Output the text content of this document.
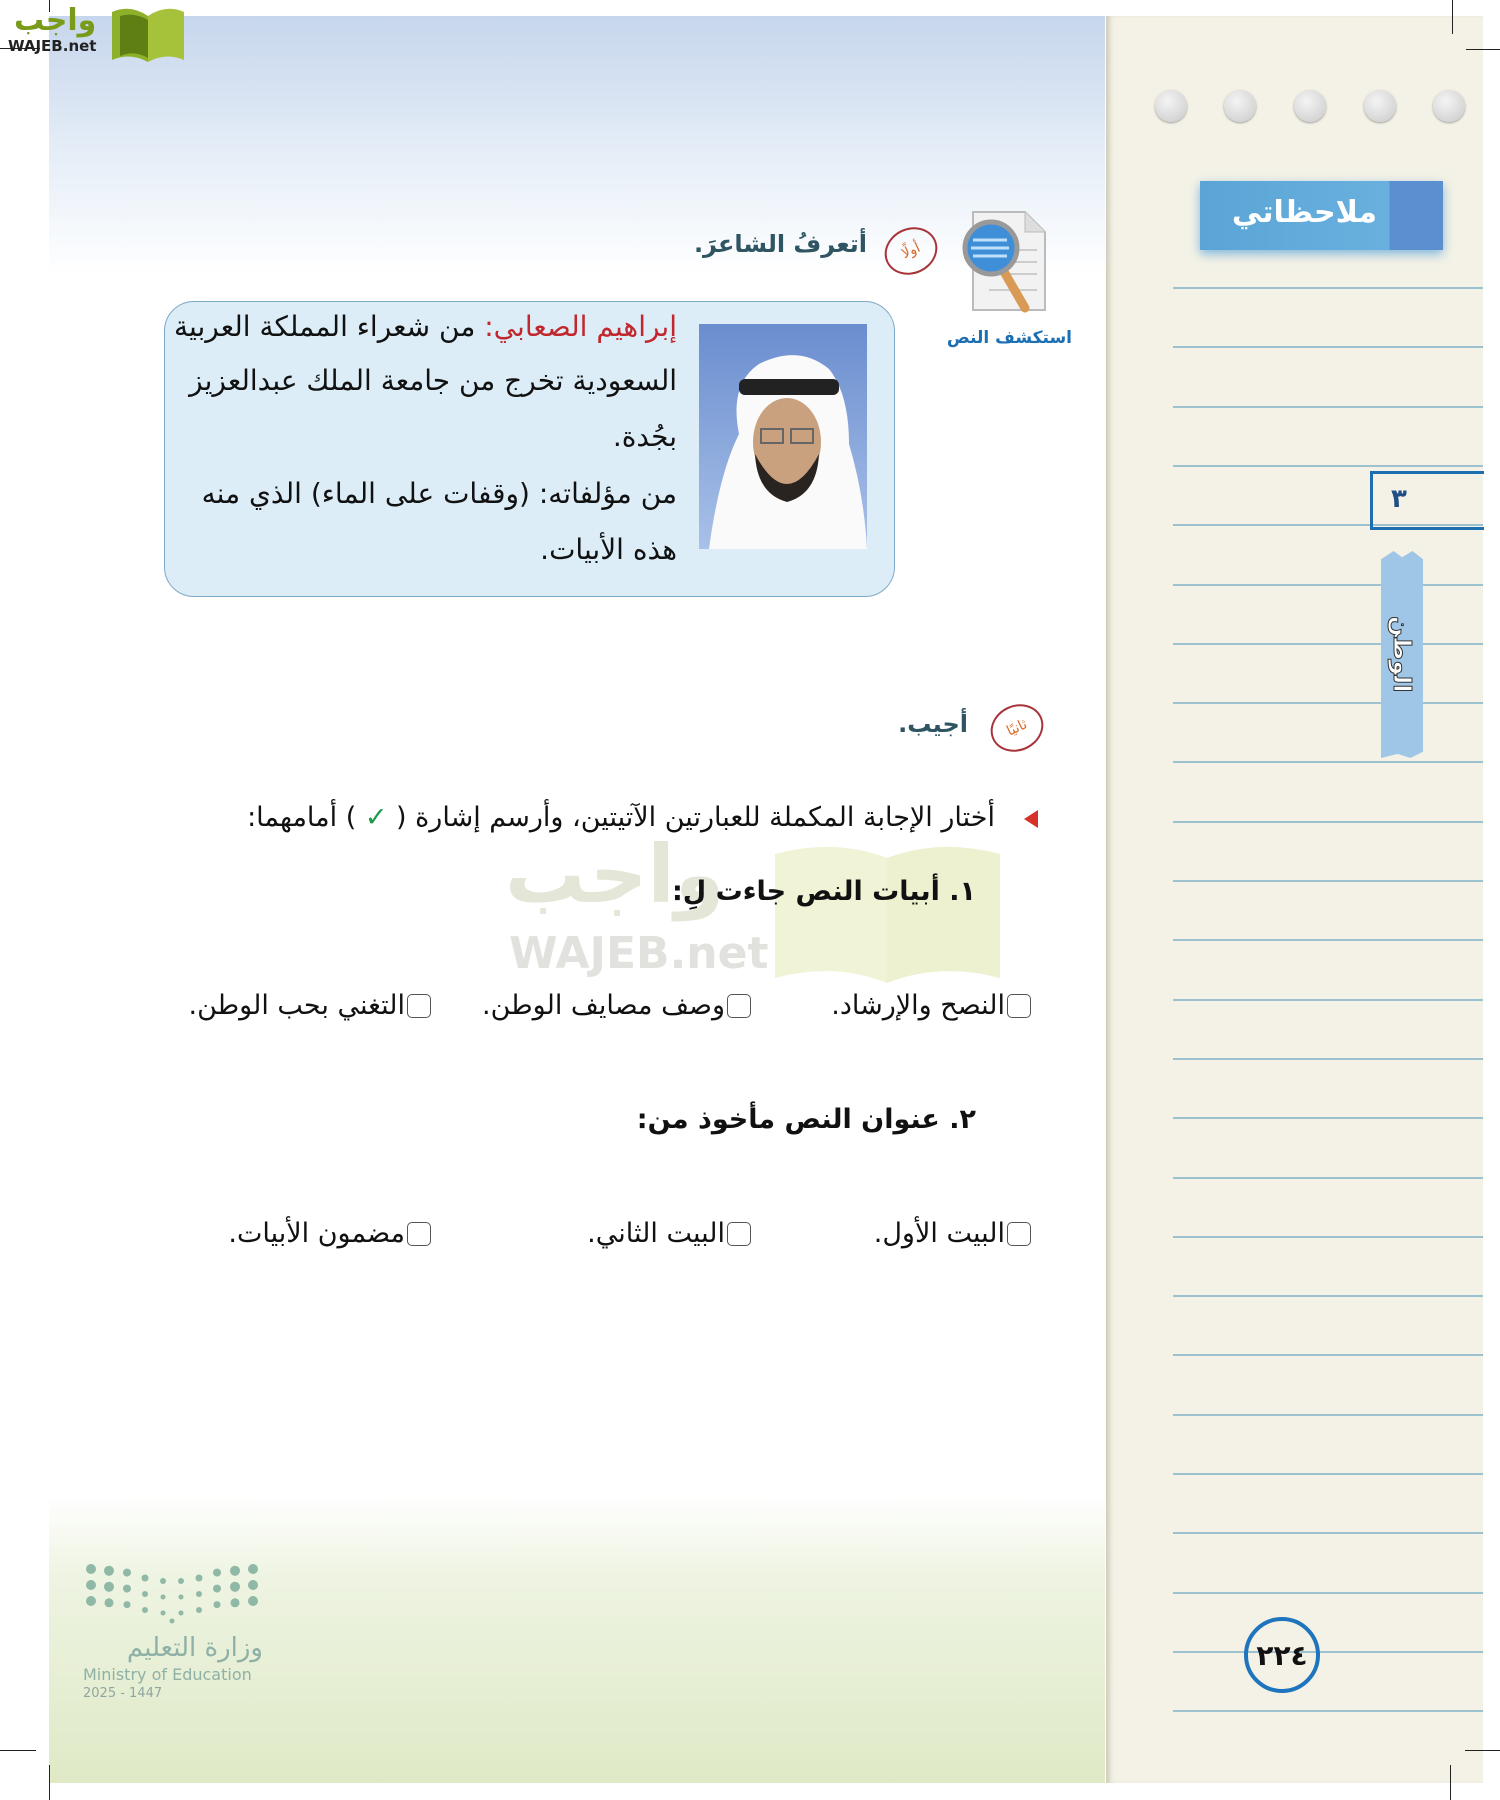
واجب
WAJEB.net
ملاحظاتي
٣
الوطن
٢٢٤
استكشف النص
أولًا
أتعرفُ الشاعرَ.
إبراهيم الصعابي: من شعراء المملكة العربية
السعودية تخرج من جامعة الملك عبدالعزيز
بجُدة.
من مؤلفاته: (وقفات على الماء) الذي منه
هذه الأبيات.
ثانيًا
أجيب.
واجب
WAJEB.net
أختار الإجابة المكملة للعبارتين الآتيتين، وأرسم إشارة ( ✓ ) أمامهما:
١. أبيات النص جاءت لِ:
النصح والإرشاد.
وصف مصايف الوطن.
التغني بحب الوطن.
٢. عنوان النص مأخوذ من:
البيت الأول.
البيت الثاني.
مضمون الأبيات.
وزارة التعليم
Ministry of Education
2025 - 1447
